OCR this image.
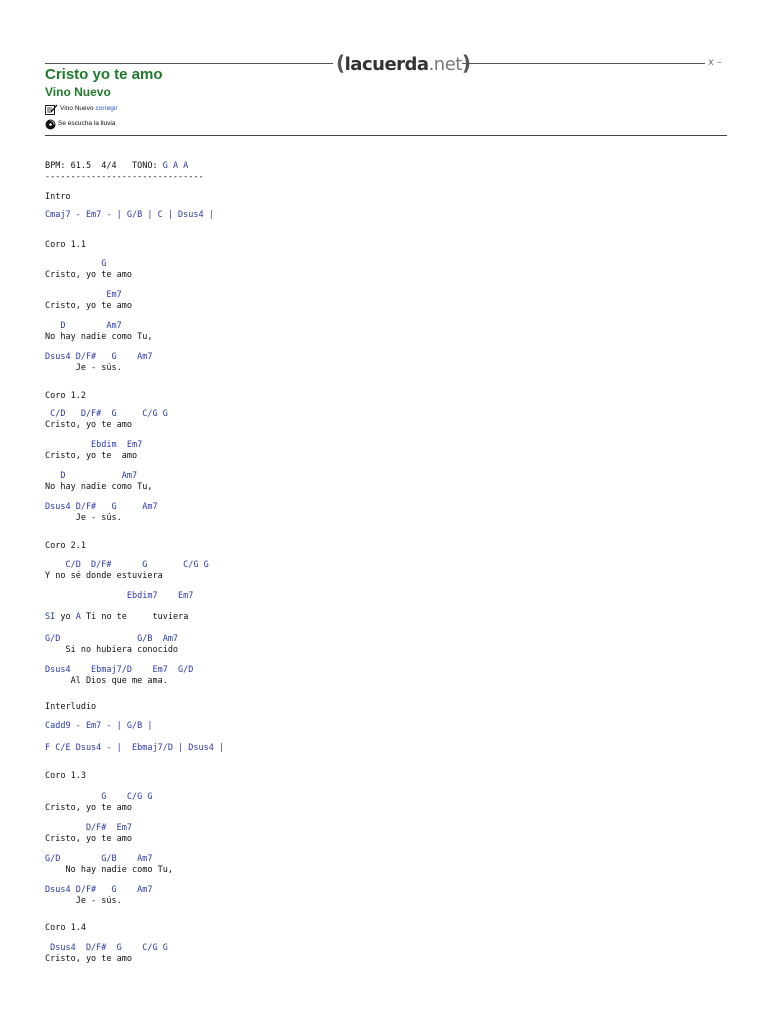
(lacuerda.net)	x –
Cristo yo te amo
Vino Nuevo
Vino Nuevo corregir
Se escucha la lluvia
BPM: 61.5  4/4   TONO: G A A
-------------------------------
Intro
Cmaj7 - Em7 - | G/B | C | Dsus4 |
Coro 1.1
G
Cristo, yo te amo
Em7
Cristo, yo te amo
D        Am7
No hay nadie como Tu,
Dsus4 D/F#   G    Am7
Je - sús.
Coro 1.2
C/D   D/F#  G     C/G G
Cristo, yo te amo
Ebdim  Em7
Cristo, yo te  amo
D           Am7
No hay nadie como Tu,
Dsus4 D/F#   G     Am7
Je - sús.
Coro 2.1
C/D  D/F#      G       C/G G
Y no sé donde estuviera
Ebdim7    Em7
SI yo A Ti no te     tuviera
G/D               G/B  Am7
Si no hubiera conocido
Dsus4    Ebmaj7/D    Em7  G/D
Al Dios que me ama.
Interludio
Cadd9 - Em7 - | G/B |
F C/E Dsus4 - |  Ebmaj7/D | Dsus4 |
Coro 1.3
G    C/G G
Cristo, yo te amo
D/F#  Em7
Cristo, yo te amo
G/D        G/B    Am7
No hay nadie como Tu,
Dsus4 D/F#   G    Am7
Je - sús.
Coro 1.4
Dsus4  D/F#  G    C/G G
Cristo, yo te amo
